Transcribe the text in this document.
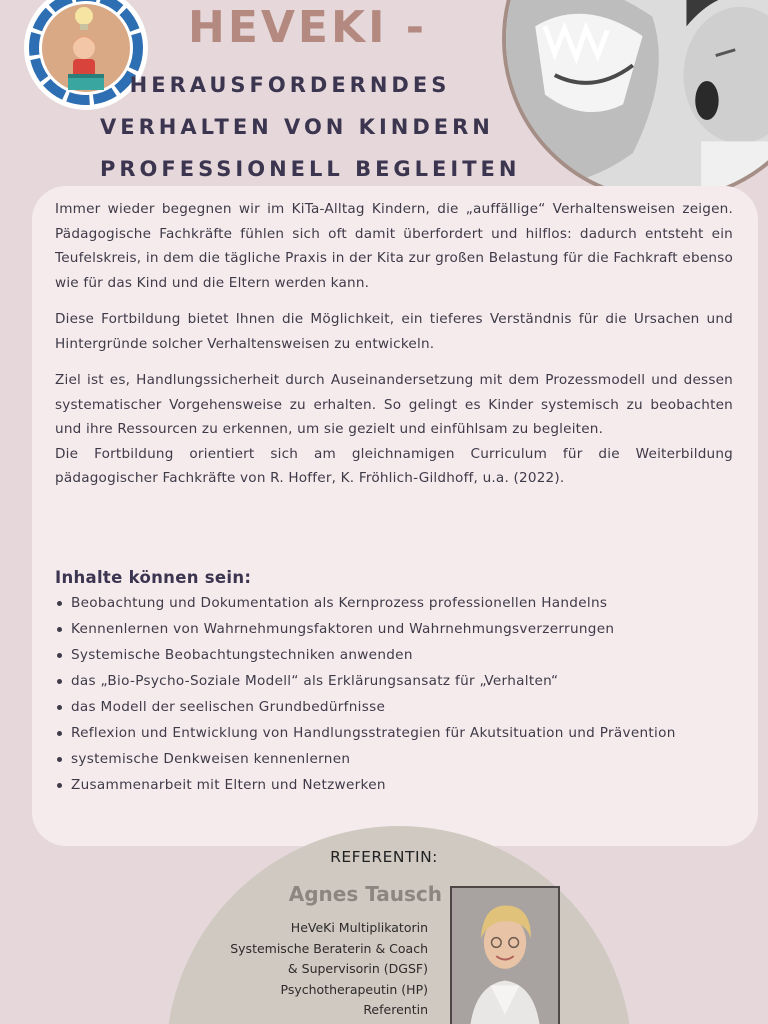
HEVEKI -
HERAUSFORDERNDES
VERHALTEN VON KINDERN
PROFESSIONELL BEGLEITEN

Immer wieder begegnen wir im KiTa-Alltag Kindern, die „auffällige“ Verhaltensweisen zeigen. Pädagogische Fachkräfte fühlen sich oft damit überfordert und hilflos: dadurch entsteht ein Teufelskreis, in dem die tägliche Praxis in der Kita zur großen Belastung für die Fachkraft ebenso wie für das Kind und die Eltern werden kann.

Diese Fortbildung bietet Ihnen die Möglichkeit, ein tieferes Verständnis für die Ursachen und Hintergründe solcher Verhaltensweisen zu entwickeln.

Ziel ist es, Handlungssicherheit durch Auseinandersetzung mit dem Prozessmodell und dessen systematischer Vorgehensweise zu erhalten. So gelingt es Kinder systemisch zu beobachten und ihre Ressourcen zu erkennen, um sie gezielt und einfühlsam zu begleiten.

Die Fortbildung orientiert sich am gleichnamigen Curriculum für die Weiterbildung pädagogischer Fachkräfte von R. Hoffer, K. Fröhlich-Gildhoff, u.a. (2022).

Inhalte können sein:
Beobachtung und Dokumentation als Kernprozess professionellen Handelns
Kennenlernen von Wahrnehmungsfaktoren und Wahrnehmungsverzerrungen
Systemische Beobachtungstechniken anwenden
das „Bio-Psycho-Soziale Modell“ als Erklärungsansatz für „Verhalten“
das Modell der seelischen Grundbedürfnisse
Reflexion und Entwicklung von Handlungsstrategien für Akutsituation und Prävention
systemische Denkweisen kennenlernen
Zusammenarbeit mit Eltern und Netzwerken
REFERENTIN:
Agnes Tausch
HeVeKi Multiplikatorin
Systemische Beraterin & Coach
& Supervisorin (DGSF)
Psychotherapeutin (HP)
Referentin
